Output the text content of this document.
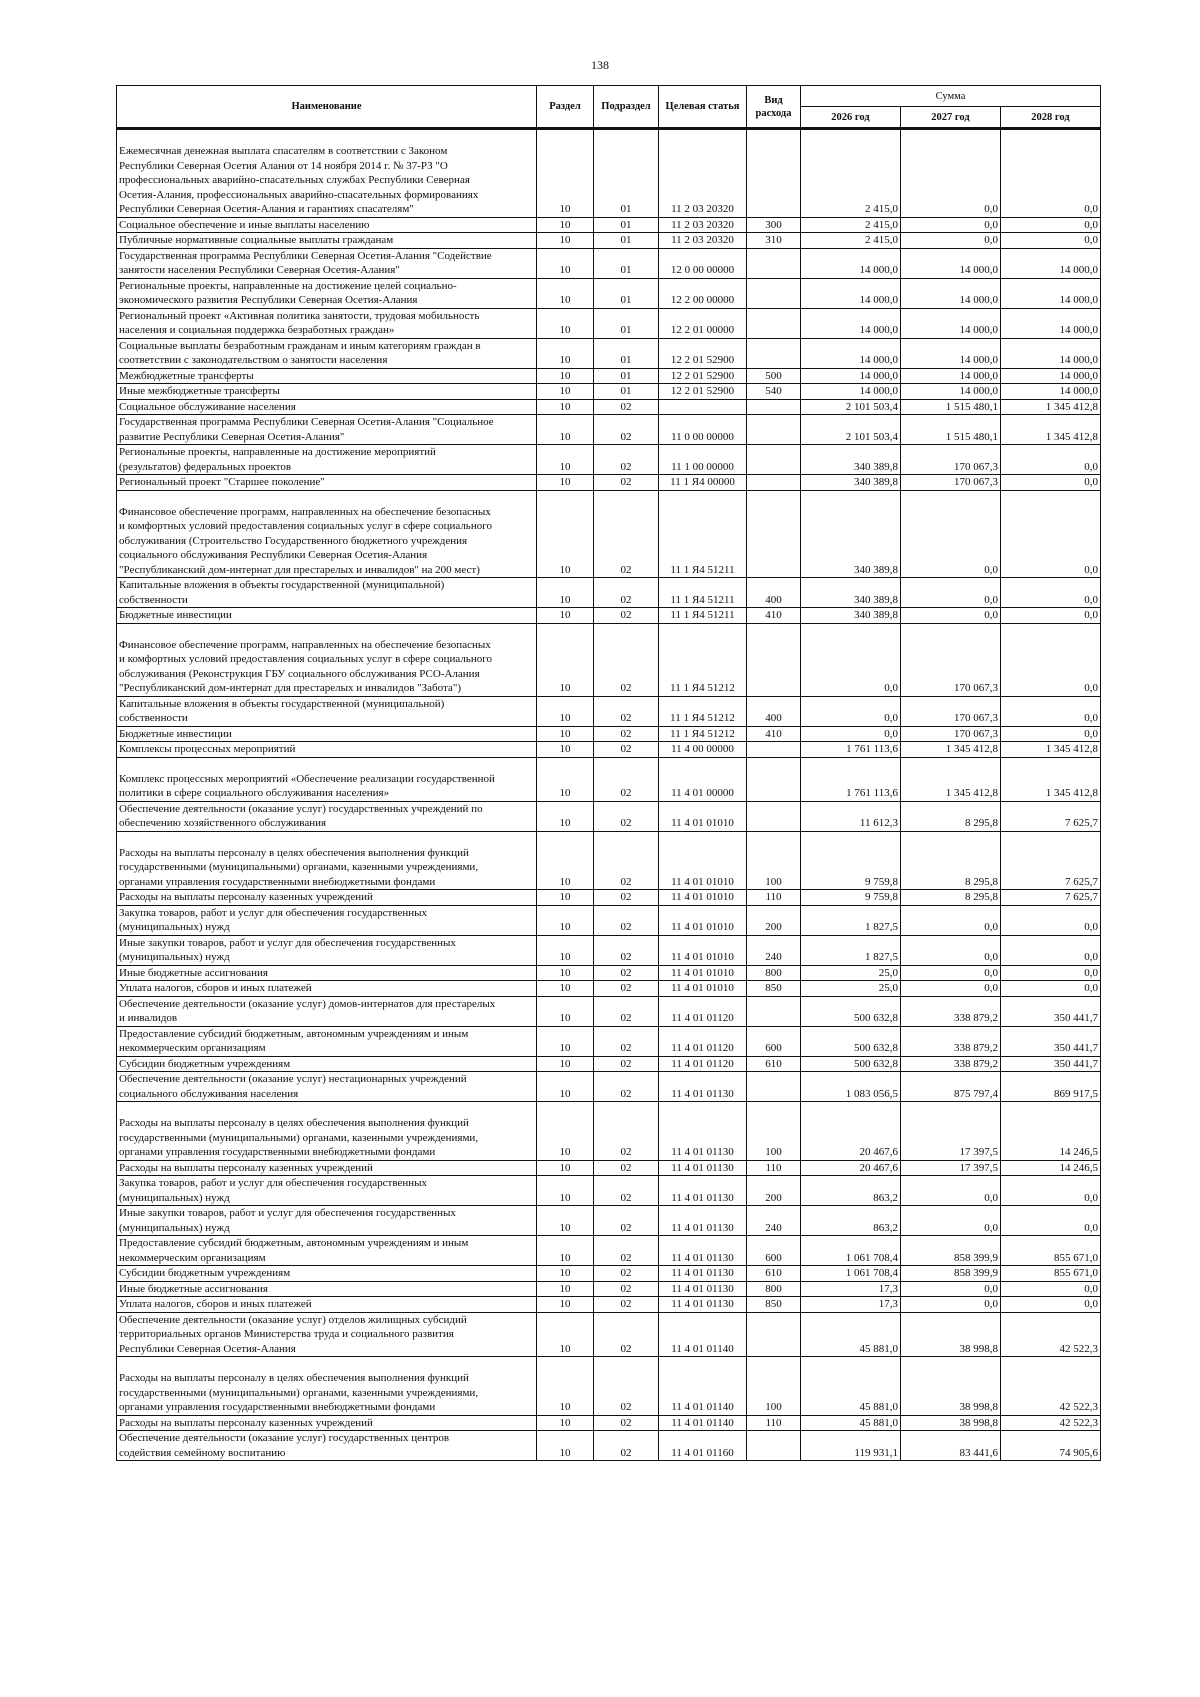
138
Наименование	Раздел	Подраздел	Целевая статья	Вид расхода	Сумма		
					2026 год	2027 год	2028 год
Ежемесячная денежная выплата спасателям в соответствии с Законом
Республики Северная Осетия Алания от 14 ноября 2014 г. № 37-РЗ "О
профессиональных аварийно-спасательных службах Республики Северная
Осетия-Алания, профессиональных аварийно-спасательных формированиях
Республики Северная Осетия-Алания и гарантиях спасателям"	10	01	11 2 03 20320		2 415,0	0,0	0,0
Социальное обеспечение и иные выплаты населению	10	01	11 2 03 20320	300	2 415,0	0,0	0,0
Публичные нормативные социальные выплаты гражданам	10	01	11 2 03 20320	310	2 415,0	0,0	0,0
Государственная программа Республики Северная Осетия-Алания "Содействие
занятости населения Республики Северная Осетия-Алания"	10	01	12 0 00 00000		14 000,0	14 000,0	14 000,0
Региональные проекты, направленные на достижение целей социально-
экономического развития Республики Северная Осетия-Алания	10	01	12 2 00 00000		14 000,0	14 000,0	14 000,0
Региональный проект «Активная политика занятости, трудовая мобильность
населения и социальная поддержка безработных граждан»	10	01	12 2 01 00000		14 000,0	14 000,0	14 000,0
Социальные выплаты безработным гражданам и иным категориям граждан в
соответствии с законодательством о занятости населения	10	01	12 2 01 52900		14 000,0	14 000,0	14 000,0
Межбюджетные трансферты	10	01	12 2 01 52900	500	14 000,0	14 000,0	14 000,0
Иные межбюджетные трансферты	10	01	12 2 01 52900	540	14 000,0	14 000,0	14 000,0
Социальное обслуживание населения	10	02			2 101 503,4	1 515 480,1	1 345 412,8
Государственная программа Республики Северная Осетия-Алания "Социальное
развитие Республики Северная Осетия-Алания"	10	02	11 0 00 00000		2 101 503,4	1 515 480,1	1 345 412,8
Региональные проекты, направленные на достижение мероприятий
(результатов) федеральных проектов	10	02	11 1 00 00000		340 389,8	170 067,3	0,0
Региональный проект "Старшее поколение"	10	02	11 1 Я4 00000		340 389,8	170 067,3	0,0
Финансовое обеспечение программ, направленных на обеспечение безопасных
и комфортных условий предоставления социальных услуг в сфере социального
обслуживания (Строительство Государственного бюджетного учреждения
социального обслуживания Республики Северная Осетия-Алания
"Республиканский дом-интернат для престарелых и инвалидов" на 200 мест)	10	02	11 1 Я4 51211		340 389,8	0,0	0,0
Капитальные вложения в объекты государственной (муниципальной)
собственности	10	02	11 1 Я4 51211	400	340 389,8	0,0	0,0
Бюджетные инвестиции	10	02	11 1 Я4 51211	410	340 389,8	0,0	0,0
Финансовое обеспечение программ, направленных на обеспечение безопасных
и комфортных условий предоставления социальных услуг в сфере социального
обслуживания (Реконструкция ГБУ социального обслуживания РСО-Алания
"Республиканский дом-интернат для престарелых и инвалидов "Забота")	10	02	11 1 Я4 51212		0,0	170 067,3	0,0
Капитальные вложения в объекты государственной (муниципальной)
собственности	10	02	11 1 Я4 51212	400	0,0	170 067,3	0,0
Бюджетные инвестиции	10	02	11 1 Я4 51212	410	0,0	170 067,3	0,0
Комплексы процессных мероприятий	10	02	11 4 00 00000		1 761 113,6	1 345 412,8	1 345 412,8
Комплекс процессных мероприятий «Обеспечение реализации государственной
политики в сфере социального обслуживания населения»	10	02	11 4 01 00000		1 761 113,6	1 345 412,8	1 345 412,8
Обеспечение деятельности (оказание услуг) государственных учреждений по
обеспечению хозяйственного обслуживания	10	02	11 4 01 01010		11 612,3	8 295,8	7 625,7
Расходы на выплаты персоналу в целях обеспечения выполнения функций
государственными (муниципальными) органами, казенными учреждениями,
органами управления государственными внебюджетными фондами	10	02	11 4 01 01010	100	9 759,8	8 295,8	7 625,7
Расходы на выплаты персоналу казенных учреждений	10	02	11 4 01 01010	110	9 759,8	8 295,8	7 625,7
Закупка товаров, работ и услуг для обеспечения государственных
(муниципальных) нужд	10	02	11 4 01 01010	200	1 827,5	0,0	0,0
Иные закупки товаров, работ и услуг для обеспечения государственных
(муниципальных) нужд	10	02	11 4 01 01010	240	1 827,5	0,0	0,0
Иные бюджетные ассигнования	10	02	11 4 01 01010	800	25,0	0,0	0,0
Уплата налогов, сборов и иных платежей	10	02	11 4 01 01010	850	25,0	0,0	0,0
Обеспечение деятельности (оказание услуг) домов-интернатов для престарелых
и инвалидов	10	02	11 4 01 01120		500 632,8	338 879,2	350 441,7
Предоставление субсидий бюджетным, автономным учреждениям и иным
некоммерческим организациям	10	02	11 4 01 01120	600	500 632,8	338 879,2	350 441,7
Субсидии бюджетным учреждениям	10	02	11 4 01 01120	610	500 632,8	338 879,2	350 441,7
Обеспечение деятельности (оказание услуг) нестационарных учреждений
социального обслуживания населения	10	02	11 4 01 01130		1 083 056,5	875 797,4	869 917,5
Расходы на выплаты персоналу в целях обеспечения выполнения функций
государственными (муниципальными) органами, казенными учреждениями,
органами управления государственными внебюджетными фондами	10	02	11 4 01 01130	100	20 467,6	17 397,5	14 246,5
Расходы на выплаты персоналу казенных учреждений	10	02	11 4 01 01130	110	20 467,6	17 397,5	14 246,5
Закупка товаров, работ и услуг для обеспечения государственных
(муниципальных) нужд	10	02	11 4 01 01130	200	863,2	0,0	0,0
Иные закупки товаров, работ и услуг для обеспечения государственных
(муниципальных) нужд	10	02	11 4 01 01130	240	863,2	0,0	0,0
Предоставление субсидий бюджетным, автономным учреждениям и иным
некоммерческим организациям	10	02	11 4 01 01130	600	1 061 708,4	858 399,9	855 671,0
Субсидии бюджетным учреждениям	10	02	11 4 01 01130	610	1 061 708,4	858 399,9	855 671,0
Иные бюджетные ассигнования	10	02	11 4 01 01130	800	17,3	0,0	0,0
Уплата налогов, сборов и иных платежей	10	02	11 4 01 01130	850	17,3	0,0	0,0
Обеспечение деятельности (оказание услуг) отделов жилищных субсидий
территориальных органов Министерства труда и социального развития
Республики Северная Осетия-Алания	10	02	11 4 01 01140		45 881,0	38 998,8	42 522,3
Расходы на выплаты персоналу в целях обеспечения выполнения функций
государственными (муниципальными) органами, казенными учреждениями,
органами управления государственными внебюджетными фондами	10	02	11 4 01 01140	100	45 881,0	38 998,8	42 522,3
Расходы на выплаты персоналу казенных учреждений	10	02	11 4 01 01140	110	45 881,0	38 998,8	42 522,3
Обеспечение деятельности (оказание услуг) государственных центров
содействия семейному воспитанию	10	02	11 4 01 01160		119 931,1	83 441,6	74 905,6
